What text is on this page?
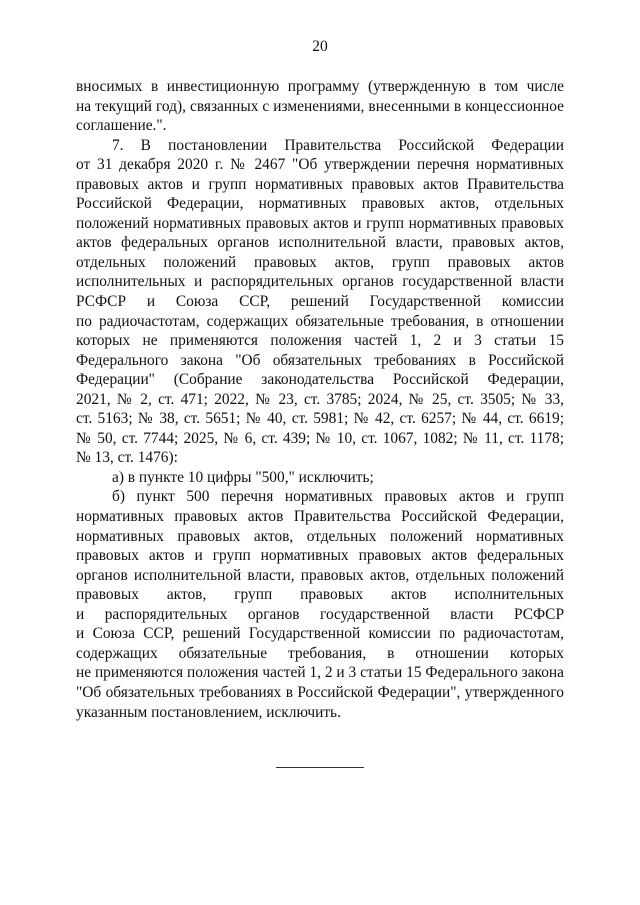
20
вносимых в инвестиционную программу (утвержденную в том числе
на текущий год), связанных с изменениями, внесенными в концессионное
соглашение.".
7. В постановлении Правительства Российской Федерации
от 31 декабря 2020 г. № 2467 "Об утверждении перечня нормативных
правовых актов и групп нормативных правовых актов Правительства
Российской Федерации, нормативных правовых актов, отдельных
положений нормативных правовых актов и групп нормативных правовых
актов федеральных органов исполнительной власти, правовых актов,
отдельных положений правовых актов, групп правовых актов
исполнительных и распорядительных органов государственной власти
РСФСР и Союза ССР, решений Государственной комиссии
по радиочастотам, содержащих обязательные требования, в отношении
которых не применяются положения частей 1, 2 и 3 статьи 15
Федерального закона "Об обязательных требованиях в Российской
Федерации" (Собрание законодательства Российской Федерации,
2021, № 2, ст. 471; 2022, № 23, ст. 3785; 2024, № 25, ст. 3505; № 33,
ст. 5163; № 38, ст. 5651; № 40, ст. 5981; № 42, ст. 6257; № 44, ст. 6619;
№ 50, ст. 7744; 2025, № 6, ст. 439; № 10, ст. 1067, 1082; № 11, ст. 1178;
№ 13, ст. 1476):
а) в пункте 10 цифры "500," исключить;
б) пункт 500 перечня нормативных правовых актов и групп
нормативных правовых актов Правительства Российской Федерации,
нормативных правовых актов, отдельных положений нормативных
правовых актов и групп нормативных правовых актов федеральных
органов исполнительной власти, правовых актов, отдельных положений
правовых актов, групп правовых актов исполнительных
и распорядительных органов государственной власти РСФСР
и Союза ССР, решений Государственной комиссии по радиочастотам,
содержащих обязательные требования, в отношении которых
не применяются положения частей 1, 2 и 3 статьи 15 Федерального закона
"Об обязательных требованиях в Российской Федерации", утвержденного
указанным постановлением, исключить.
